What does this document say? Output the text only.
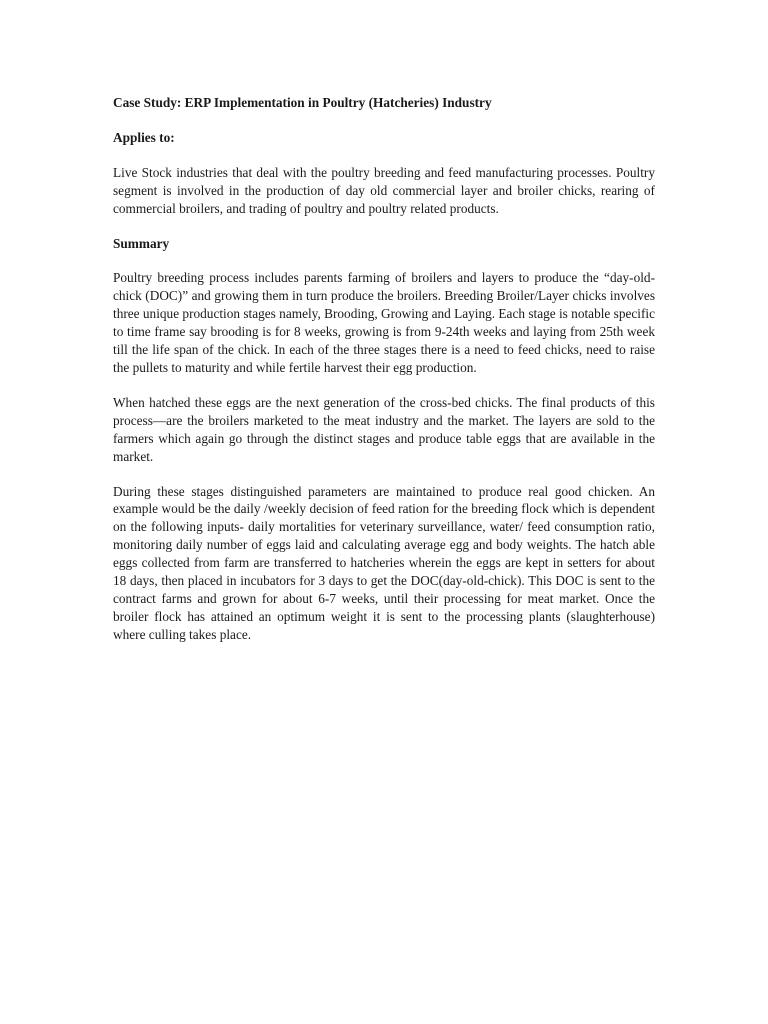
Case Study: ERP Implementation in Poultry (Hatcheries) Industry

Applies to:

Live Stock industries that deal with the poultry breeding and feed manufacturing processes. Poultry segment is involved in the production of day old commercial layer and broiler chicks, rearing of commercial broilers, and trading of poultry and poultry related products.

Summary

Poultry breeding process includes parents farming of broilers and layers to produce the “day-old-chick (DOC)” and growing them in turn produce the broilers. Breeding Broiler/Layer chicks involves three unique production stages namely, Brooding, Growing and Laying. Each stage is notable specific to time frame say brooding is for 8 weeks, growing is from 9-24th weeks and laying from 25th week till the life span of the chick. In each of the three stages there is a need to feed chicks, need to raise the pullets to maturity and while fertile harvest their egg production.

When hatched these eggs are the next generation of the cross-bed chicks. The final products of this process—are the broilers marketed to the meat industry and the market. The layers are sold to the farmers which again go through the distinct stages and produce table eggs that are available in the market.

During these stages distinguished parameters are maintained to produce real good chicken. An example would be the daily /weekly decision of feed ration for the breeding flock which is dependent on the following inputs- daily mortalities for veterinary surveillance, water/ feed consumption ratio, monitoring daily number of eggs laid and calculating average egg and body weights. The hatch able eggs collected from farm are transferred to hatcheries wherein the eggs are kept in setters for about 18 days, then placed in incubators for 3 days to get the DOC(day-old-chick). This DOC is sent to the contract farms and grown for about 6-7 weeks, until their processing for meat market. Once the broiler flock has attained an optimum weight it is sent to the processing plants (slaughterhouse) where culling takes place.
